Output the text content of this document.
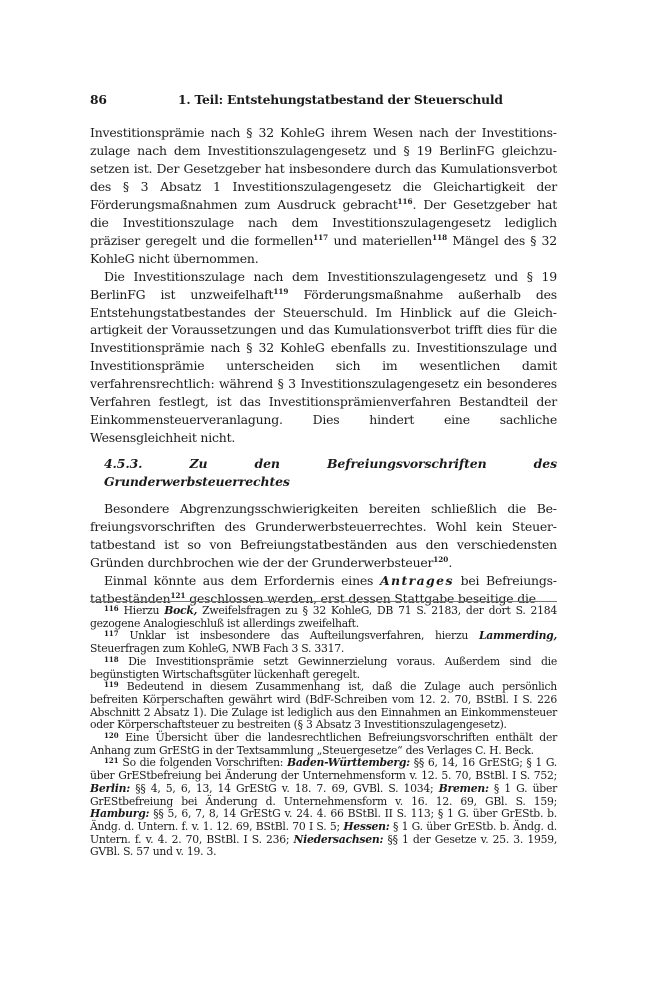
86	1. Teil: Entstehungstatbestand der Steuerschuld

Investitionsprämie nach § 32 KohleG ihrem Wesen nach der Investitionszulage nach dem Investitionszulagengesetz und § 19 BerlinFG gleichzusetzen ist. Der Gesetzgeber hat insbesondere durch das Kumulationsverbot des § 3 Absatz 1 Investitionszulagengesetz die Gleichartigkeit der Förderungsmaßnahmen zum Ausdruck gebracht$^{116}$. Der Gesetzgeber hat die Investitionszulage nach dem Investitionszulagengesetz lediglich präziser geregelt und die formellen$^{117}$ und materiellen$^{118}$ Mängel des § 32 KohleG nicht übernommen.

Die Investitionszulage nach dem Investitionszulagengesetz und § 19 BerlinFG ist unzweifelhaft$^{119}$ Förderungsmaßnahme außerhalb des Entstehungstatbestandes der Steuerschuld. Im Hinblick auf die Gleichartigkeit der Voraussetzungen und das Kumulationsverbot trifft dies für die Investitionsprämie nach § 32 KohleG ebenfalls zu. Investitionszulage und Investitionsprämie unterscheiden sich im wesentlichen damit verfahrensrechtlich: während § 3 Investitionszulagengesetz ein besonderes Verfahren festlegt, ist das Investitionsprämienverfahren Bestandteil der Einkommensteuerveranlagung. Dies hindert eine sachliche Wesensgleichheit nicht.

4.5.3. Zu den Befreiungsvorschriften des Grunderwerbsteuerrechtes

Besondere Abgrenzungsschwierigkeiten bereiten schließlich die Befreiungsvorschriften des Grunderwerbsteuerrechtes. Wohl kein Steuertatbestand ist so von Befreiungstatbeständen aus den verschiedensten Gründen durchbrochen wie der der Grunderwerbsteuer$^{120}$.

Einmal könnte aus dem Erfordernis eines Antrages bei Befreiungstatbeständen$^{121}$ geschlossen werden, erst dessen Stattgabe beseitige die

$^{116}$ Hierzu Bock, Zweifelsfragen zu § 32 KohleG, DB 71 S. 2183, der dort S. 2184 gezogene Analogieschluß ist allerdings zweifelhaft.

$^{117}$ Unklar ist insbesondere das Aufteilungsverfahren, hierzu Lammerding, Steuerfragen zum KohleG, NWB Fach 3 S. 3317.

$^{118}$ Die Investitionsprämie setzt Gewinnerzielung voraus. Außerdem sind die begünstigten Wirtschaftsgüter lückenhaft geregelt.

$^{119}$ Bedeutend in diesem Zusammenhang ist, daß die Zulage auch persönlich befreiten Körperschaften gewährt wird (BdF-Schreiben vom 12. 2. 70, BStBl. I S. 226 Abschnitt 2 Absatz 1). Die Zulage ist lediglich aus den Einnahmen an Einkommensteuer oder Körperschaftsteuer zu bestreiten (§ 3 Absatz 3 Investitionszulagengesetz).

$^{120}$ Eine Übersicht über die landesrechtlichen Befreiungsvorschriften enthält der Anhang zum GrEStG in der Textsammlung „Steuergesetze“ des Verlages C. H. Beck.

$^{121}$ So die folgenden Vorschriften: Baden-Württemberg: §§ 6, 14, 16 GrEStG; § 1 G. über GrEStbefreiung bei Änderung der Unternehmensform v. 12. 5. 70, BStBl. I S. 752; Berlin: §§ 4, 5, 6, 13, 14 GrEStG v. 18. 7. 69, GVBl. S. 1034; Bremen: § 1 G. über GrEStbefreiung bei Änderung d. Unternehmensform v. 16. 12. 69, GBl. S. 159; Hamburg: §§ 5, 6, 7, 8, 14 GrEStG v. 24. 4. 66 BStBl. II S. 113; § 1 G. über GrEStb. b. Ändg. d. Untern. f. v. 1. 12. 69, BStBl. 70 I S. 5; Hessen: § 1 G. über GrEStb. b. Ändg. d. Untern. f. v. 4. 2. 70, BStBl. I S. 236; Niedersachsen: §§ 1 der Gesetze v. 25. 3. 1959, GVBl. S. 57 und v. 19. 3.
